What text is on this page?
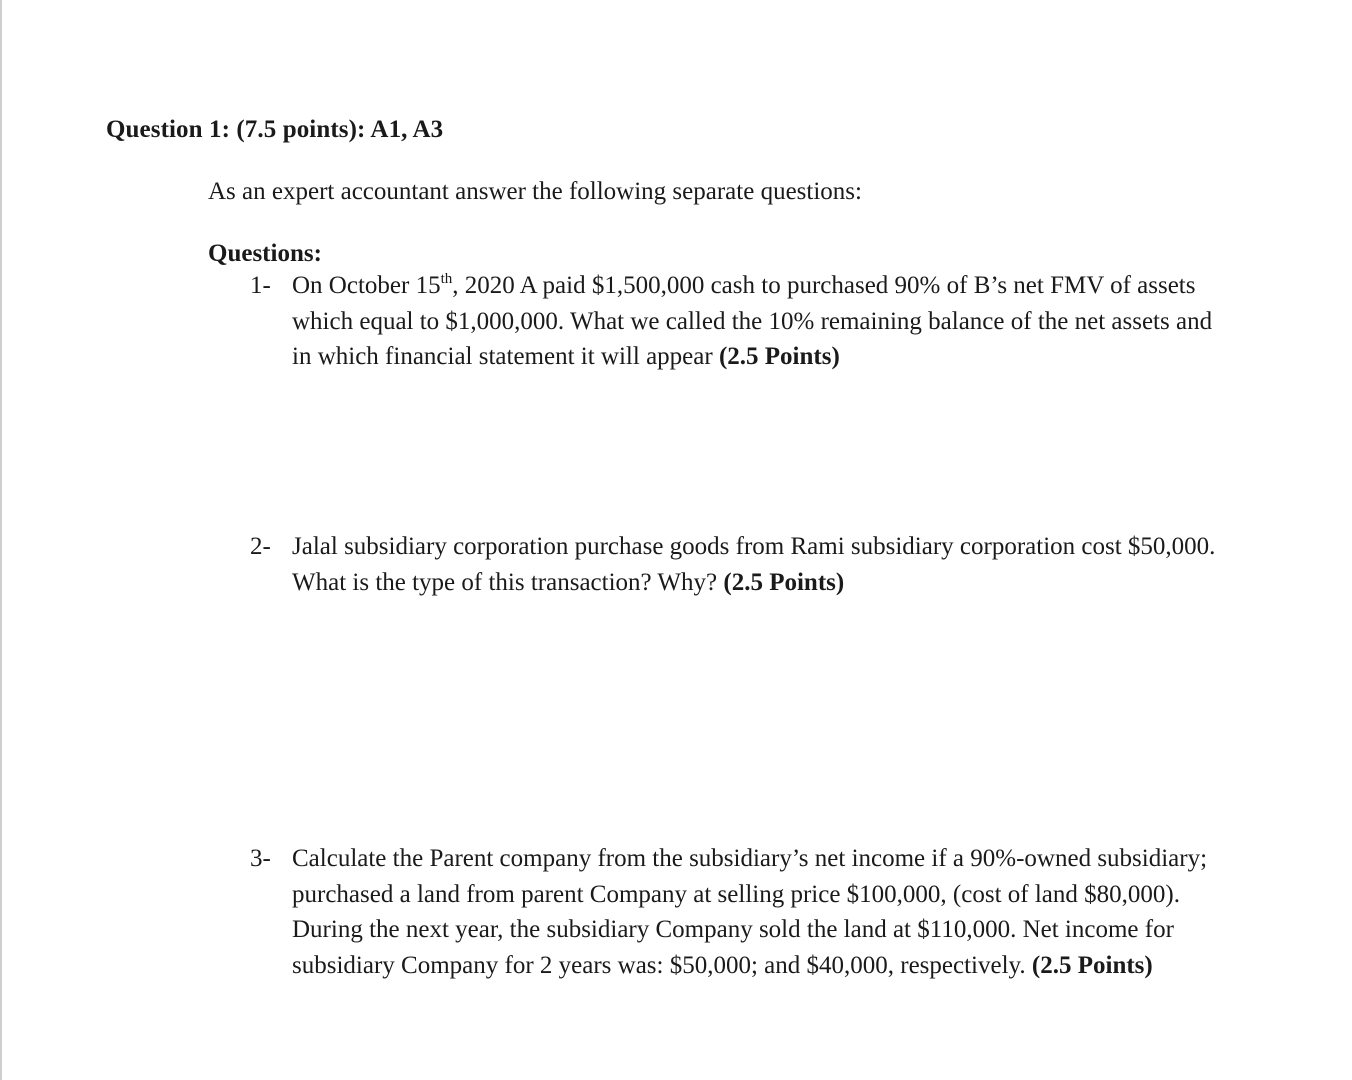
Question 1: (7.5 points): A1, A3
As an expert accountant answer the following separate questions:
Questions:
1- On October 15th, 2020 A paid $1,500,000 cash to purchased 90% of B’s net FMV of assets which equal to $1,000,000. What we called the 10% remaining balance of the net assets and in which financial statement it will appear (2.5 Points)
2- Jalal subsidiary corporation purchase goods from Rami subsidiary corporation cost $50,000. What is the type of this transaction? Why? (2.5 Points)
3- Calculate the Parent company from the subsidiary’s net income if a 90%-owned subsidiary; purchased a land from parent Company at selling price $100,000, (cost of land $80,000). During the next year, the subsidiary Company sold the land at $110,000. Net income for subsidiary Company for 2 years was: $50,000; and $40,000, respectively. (2.5 Points)
